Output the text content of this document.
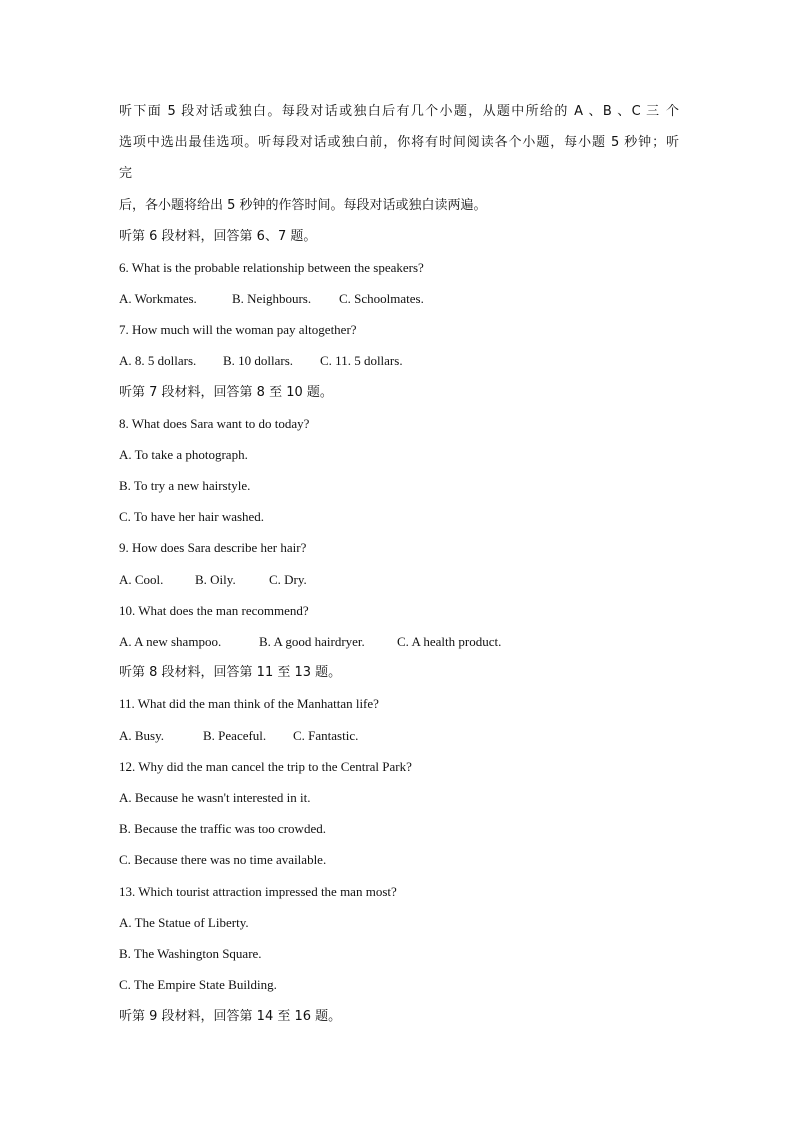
听下面 5 段对话或独白。每段对话或独白后有几个小题，从题中所给的 A 、B 、C 三 个
选项中选出最佳选项。听每段对话或独白前，你将有时间阅读各个小题，每小题 5 秒钟；听
完
后，各小题将给出 5 秒钟的作答时间。每段对话或独白读两遍。
听第 6 段材料，回答第 6、7 题。
6. What is the probable relationship between the speakers?
A. Workmates.	B. Neighbours. C. Schoolmates.
7. How much will the woman pay altogether?
A. 8. 5 dollars. B. 10 dollars. C. 11. 5 dollars.
听第 7 段材料，回答第 8 至 10 题。
8. What does Sara want to do today?
A. To take a photograph.
B. To try a new hairstyle.
C. To have her hair washed.
9. How does Sara describe her hair?
A. Cool. B. Oily.	C. Dry.
10. What does the man recommend?
A. A new shampoo.	B. A good hairdryer. C. A health product.
听第 8 段材料，回答第 11 至 13 题。
11. What did the man think of the Manhattan life?
A. Busy.	B. Peaceful. C. Fantastic.
12. Why did the man cancel the trip to the Central Park?
A. Because he wasn't interested in it.
B. Because the traffic was too crowded.
C. Because there was no time available.
13. Which tourist attraction impressed the man most?
A. The Statue of Liberty.
B. The Washington Square.
C. The Empire State Building.
听第 9 段材料，回答第 14 至 16 题。
